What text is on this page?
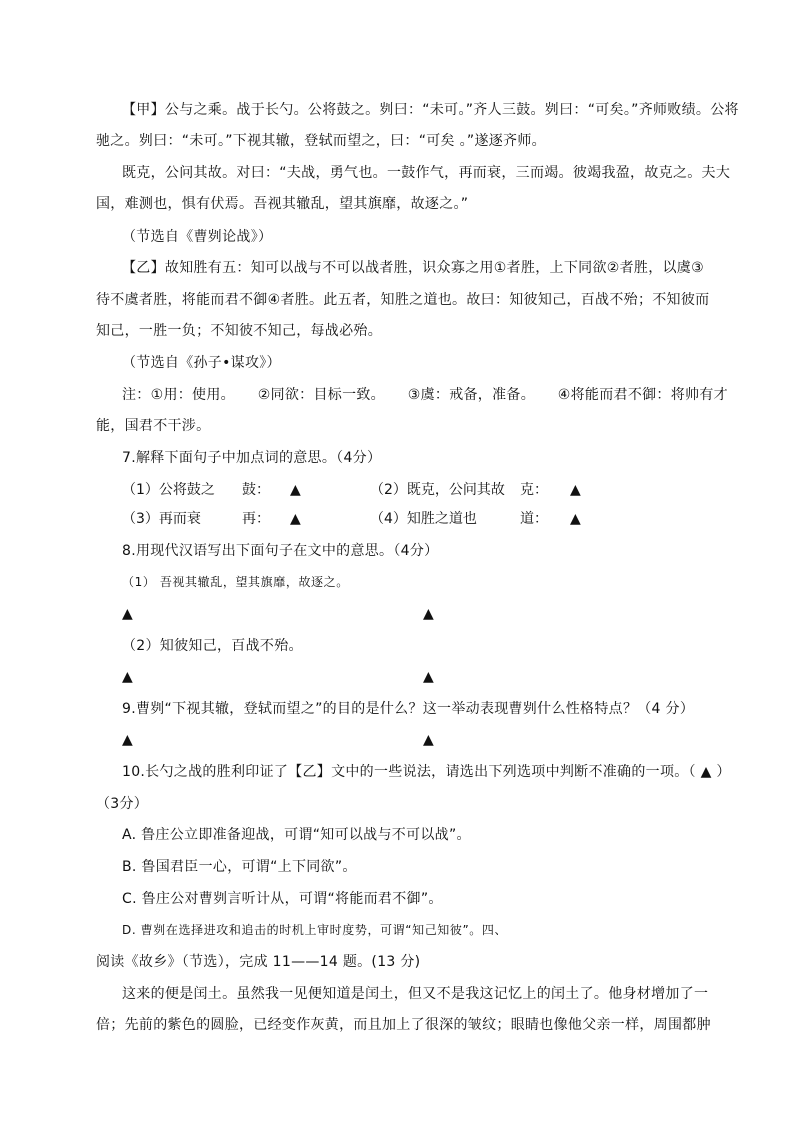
【甲】公与之乘。战于长勺。公将鼓之。刿曰：“未可。”齐人三鼓。刿曰：“可矣。”齐师败绩。公将
驰之。刿曰：“未可。”下视其辙，登轼而望之，曰：“可矣 。”遂逐齐师。
既克，公问其故。对曰：“夫战，勇气也。一鼓作气，再而衰，三而竭。彼竭我盈，故克之。夫大
国，难测也，惧有伏焉。吾视其辙乱，望其旗靡，故逐之。”
（节选自《曹刿论战》）
【乙】故知胜有五：知可以战与不可以战者胜，识众寡之用①者胜，上下同欲②者胜，以虞③
待不虞者胜，将能而君不御④者胜。此五者，知胜之道也。故曰：知彼知己，百战不殆；不知彼而
知己，一胜一负；不知彼不知己，每战必殆。
（节选自《孙子•谋攻》）
注：①用：使用。 ②同欲：目标一致。 ③虞：戒备，准备。 ④将能而君不御：将帅有才
能，国君不干涉。
7.解释下面句子中加点词的意思。（4分）
（1）公将鼓之 鼓： ▲	（2）既克，公问其故 克： ▲
（3）再而衰	再： ▲	（4）知胜之道也	道： ▲
8.用现代汉语写出下面句子在文中的意思。（4分）
（1） 吾视其辙乱，望其旗靡，故逐之。
▲	▲
（2）知彼知己，百战不殆。
▲	▲
9.曹刿“下视其辙，登轼而望之”的目的是什么？这一举动表现曹刿什么性格特点？（4 分）
▲	▲
10.长勺之战的胜利印证了【乙】文中的一些说法，请选出下列选项中判断不准确的一项。（ ▲ ）
（3分）
A. 鲁庄公立即准备迎战，可谓“知可以战与不可以战”。
B. 鲁国君臣一心，可谓“上下同欲”。
C. 鲁庄公对曹刿言听计从，可谓“将能而君不御”。
D. 曹刿在选择进攻和追击的时机上审时度势，可谓“知己知彼”。四、
阅读《故乡》（节选），完成 11——14 题。(13 分)
这来的便是闰土。虽然我一见便知道是闰土，但又不是我这记忆上的闰土了。他身材增加了一
倍；先前的紫色的圆脸，已经变作灰黄，而且加上了很深的皱纹；眼睛也像他父亲一样，周围都肿
